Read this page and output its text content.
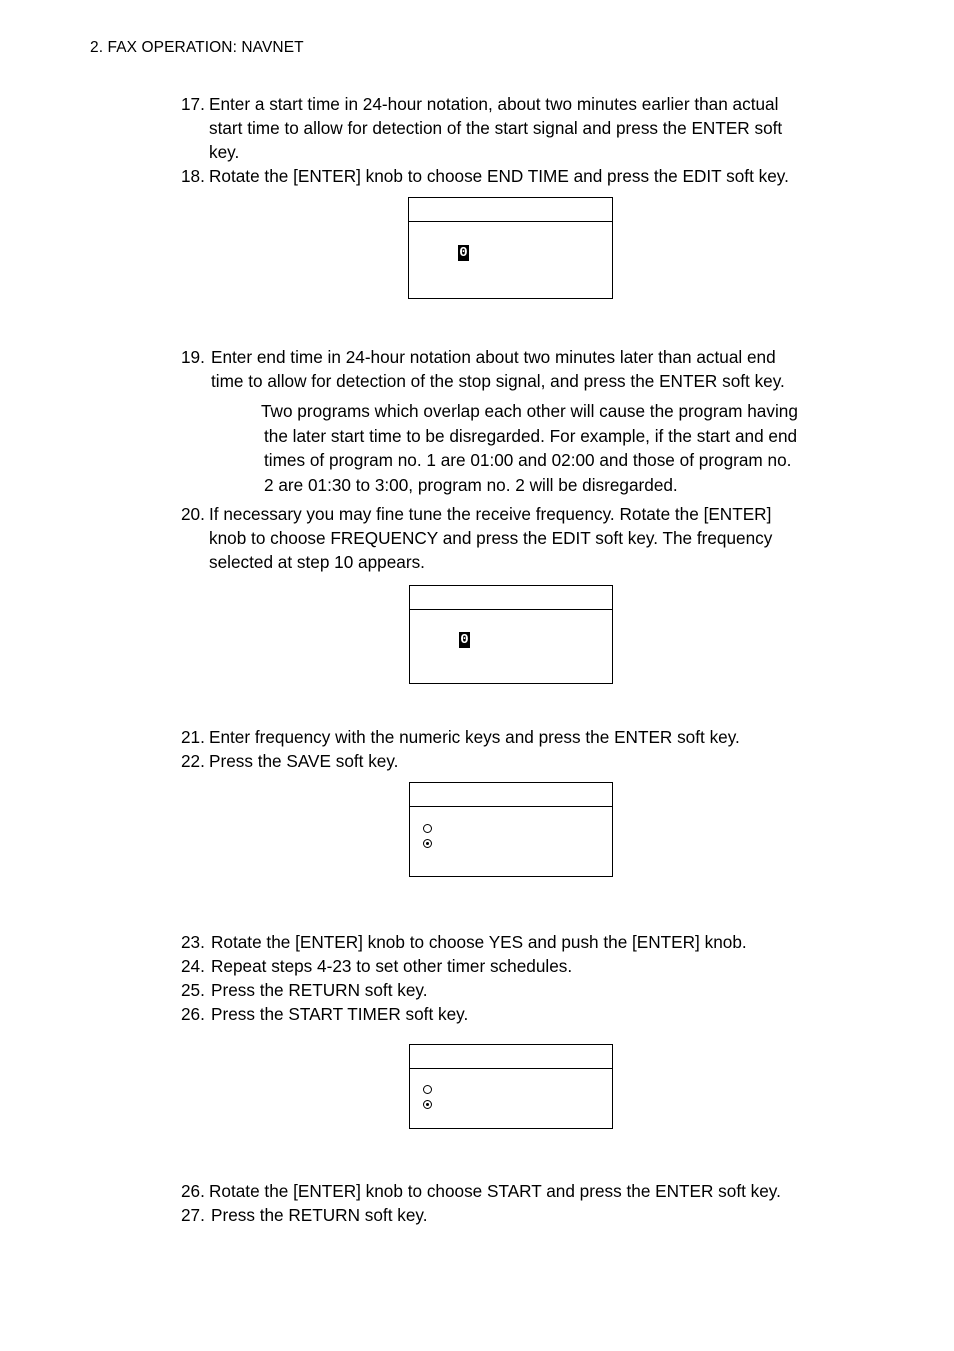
2. FAX OPERATION: NAVNET
17. Enter a start time in 24-hour notation, about two minutes earlier than actual
start time to allow for detection of the start signal and press the ENTER soft
key.
18. Rotate the [ENTER] knob to choose END TIME and press the EDIT soft key.
0
19. Enter end time in 24-hour notation about two minutes later than actual end
time to allow for detection of the stop signal, and press the ENTER soft key.
Two programs which overlap each other will cause the program having
the later start time to be disregarded. For example, if the start and end
times of program no. 1 are 01:00 and 02:00 and those of program no.
2 are 01:30 to 3:00, program no. 2 will be disregarded.
20. If necessary you may fine tune the receive frequency. Rotate the [ENTER]
knob to choose FREQUENCY and press the EDIT soft key. The frequency
selected at step 10 appears.
0
21. Enter frequency with the numeric keys and press the ENTER soft key.
22. Press the SAVE soft key.
23. Rotate the [ENTER] knob to choose YES and push the [ENTER] knob.
24. Repeat steps 4-23 to set other timer schedules.
25. Press the RETURN soft key.
26. Press the START TIMER soft key.
26. Rotate the [ENTER] knob to choose START and press the ENTER soft key.
27. Press the RETURN soft key.
